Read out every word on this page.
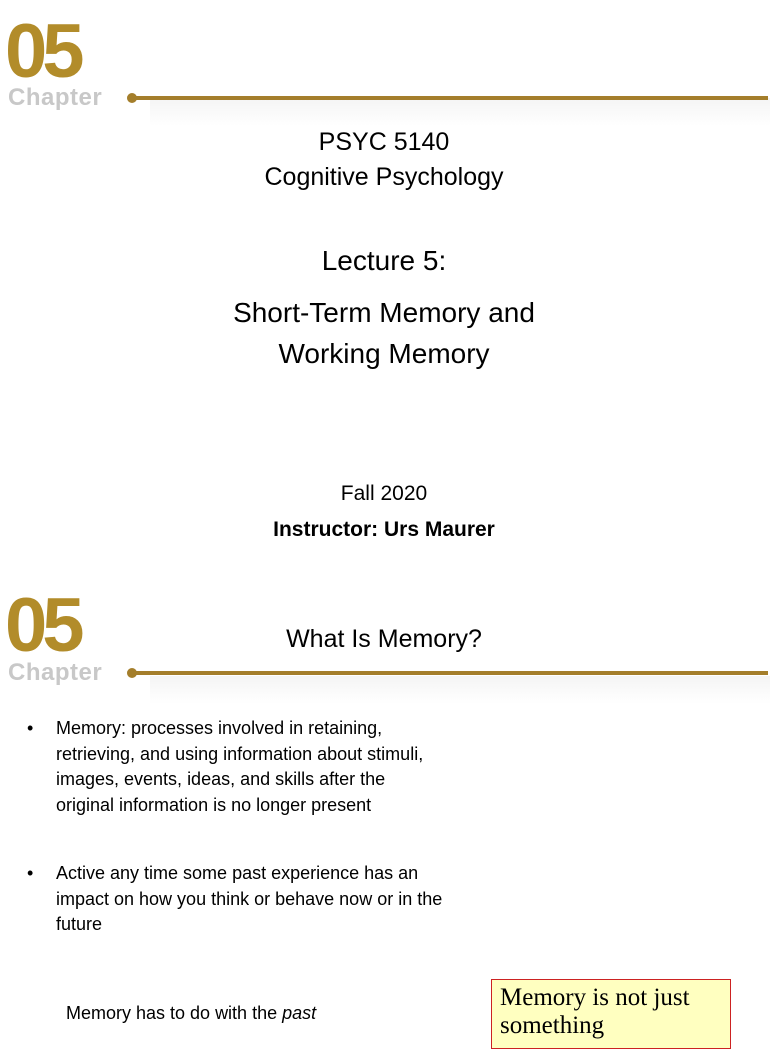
05
Chapter
PSYC 5140
Cognitive Psychology
Lecture 5:
Short-Term Memory and
Working Memory
Fall 2020
Instructor: Urs Maurer
05
Chapter
What Is Memory?
• Memory: processes involved in retaining, retrieving, and using information about stimuli, images, events, ideas, and skills after the original information is no longer present
• Active any time some past experience has an impact on how you think or behave now or in the future
Memory has to do with the past
Memory is not just
something
